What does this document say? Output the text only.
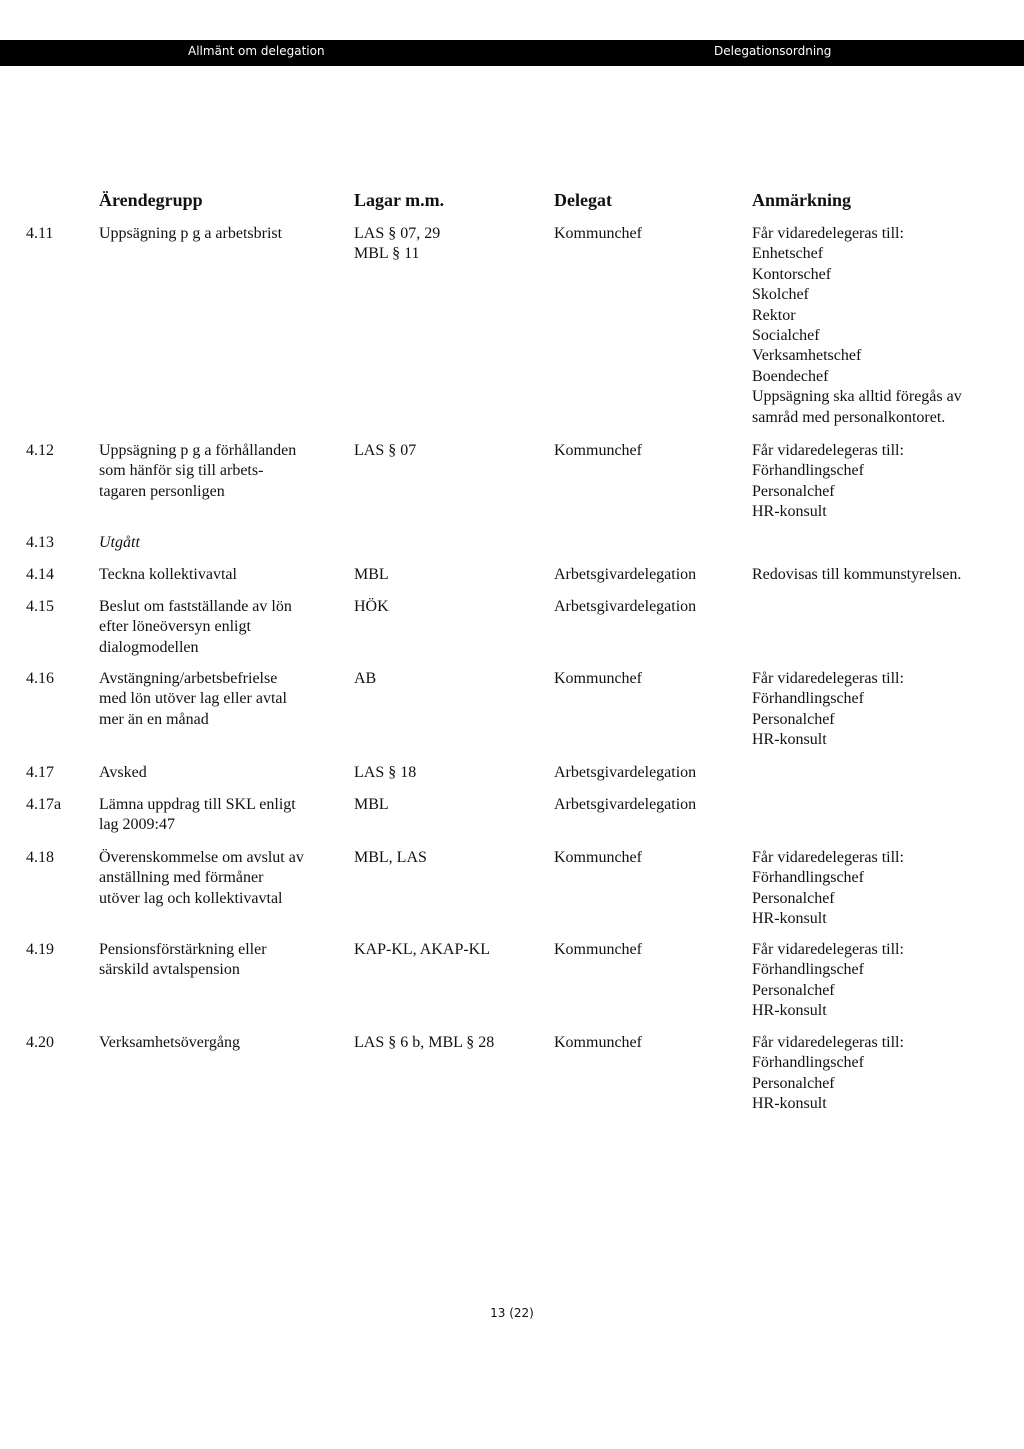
Allmänt om delegation	Delegationsordning
Ärendegrupp	Lagar m.m.	Delegat	Anmärkning
4.11	Uppsägning p g a arbetsbrist	LAS § 07, 29
MBL § 11
Kommunchef	Får vidaredelegeras till:
Enhetschef
Kontorschef
Skolchef
Rektor
Socialchef
Verksamhetschef
Boendechef
Uppsägning ska alltid föregås av
samråd med personalkontoret.
4.12	Uppsägning p g a förhållanden
som hänför sig till arbets-
tagaren personligen
LAS § 07	Kommunchef	Får vidaredelegeras till:
Förhandlingschef
Personalchef
HR-konsult
4.13	Utgått
4.14	Teckna kollektivavtal	MBL	Arbetsgivardelegation	Redovisas till kommunstyrelsen.
4.15	Beslut om fastställande av lön
efter löneöversyn enligt
dialogmodellen
HÖK	Arbetsgivardelegation
4.16	Avstängning/arbetsbefrielse
med lön utöver lag eller avtal
mer än en månad
AB	Kommunchef	Får vidaredelegeras till:
Förhandlingschef
Personalchef
HR-konsult
4.17	Avsked	LAS § 18	Arbetsgivardelegation
4.17a	Lämna uppdrag till SKL enligt
lag 2009:47
MBL	Arbetsgivardelegation
4.18	Överenskommelse om avslut av
anställning med förmåner
utöver lag och kollektivavtal
MBL, LAS	Kommunchef	Får vidaredelegeras till:
Förhandlingschef
Personalchef
HR-konsult
4.19	Pensionsförstärkning eller
särskild avtalspension
KAP-KL, AKAP-KL	Kommunchef	Får vidaredelegeras till:
Förhandlingschef
Personalchef
HR-konsult
4.20	Verksamhetsövergång	LAS § 6 b, MBL § 28	Kommunchef	Får vidaredelegeras till:
Förhandlingschef
Personalchef
HR-konsult
13 (22)
